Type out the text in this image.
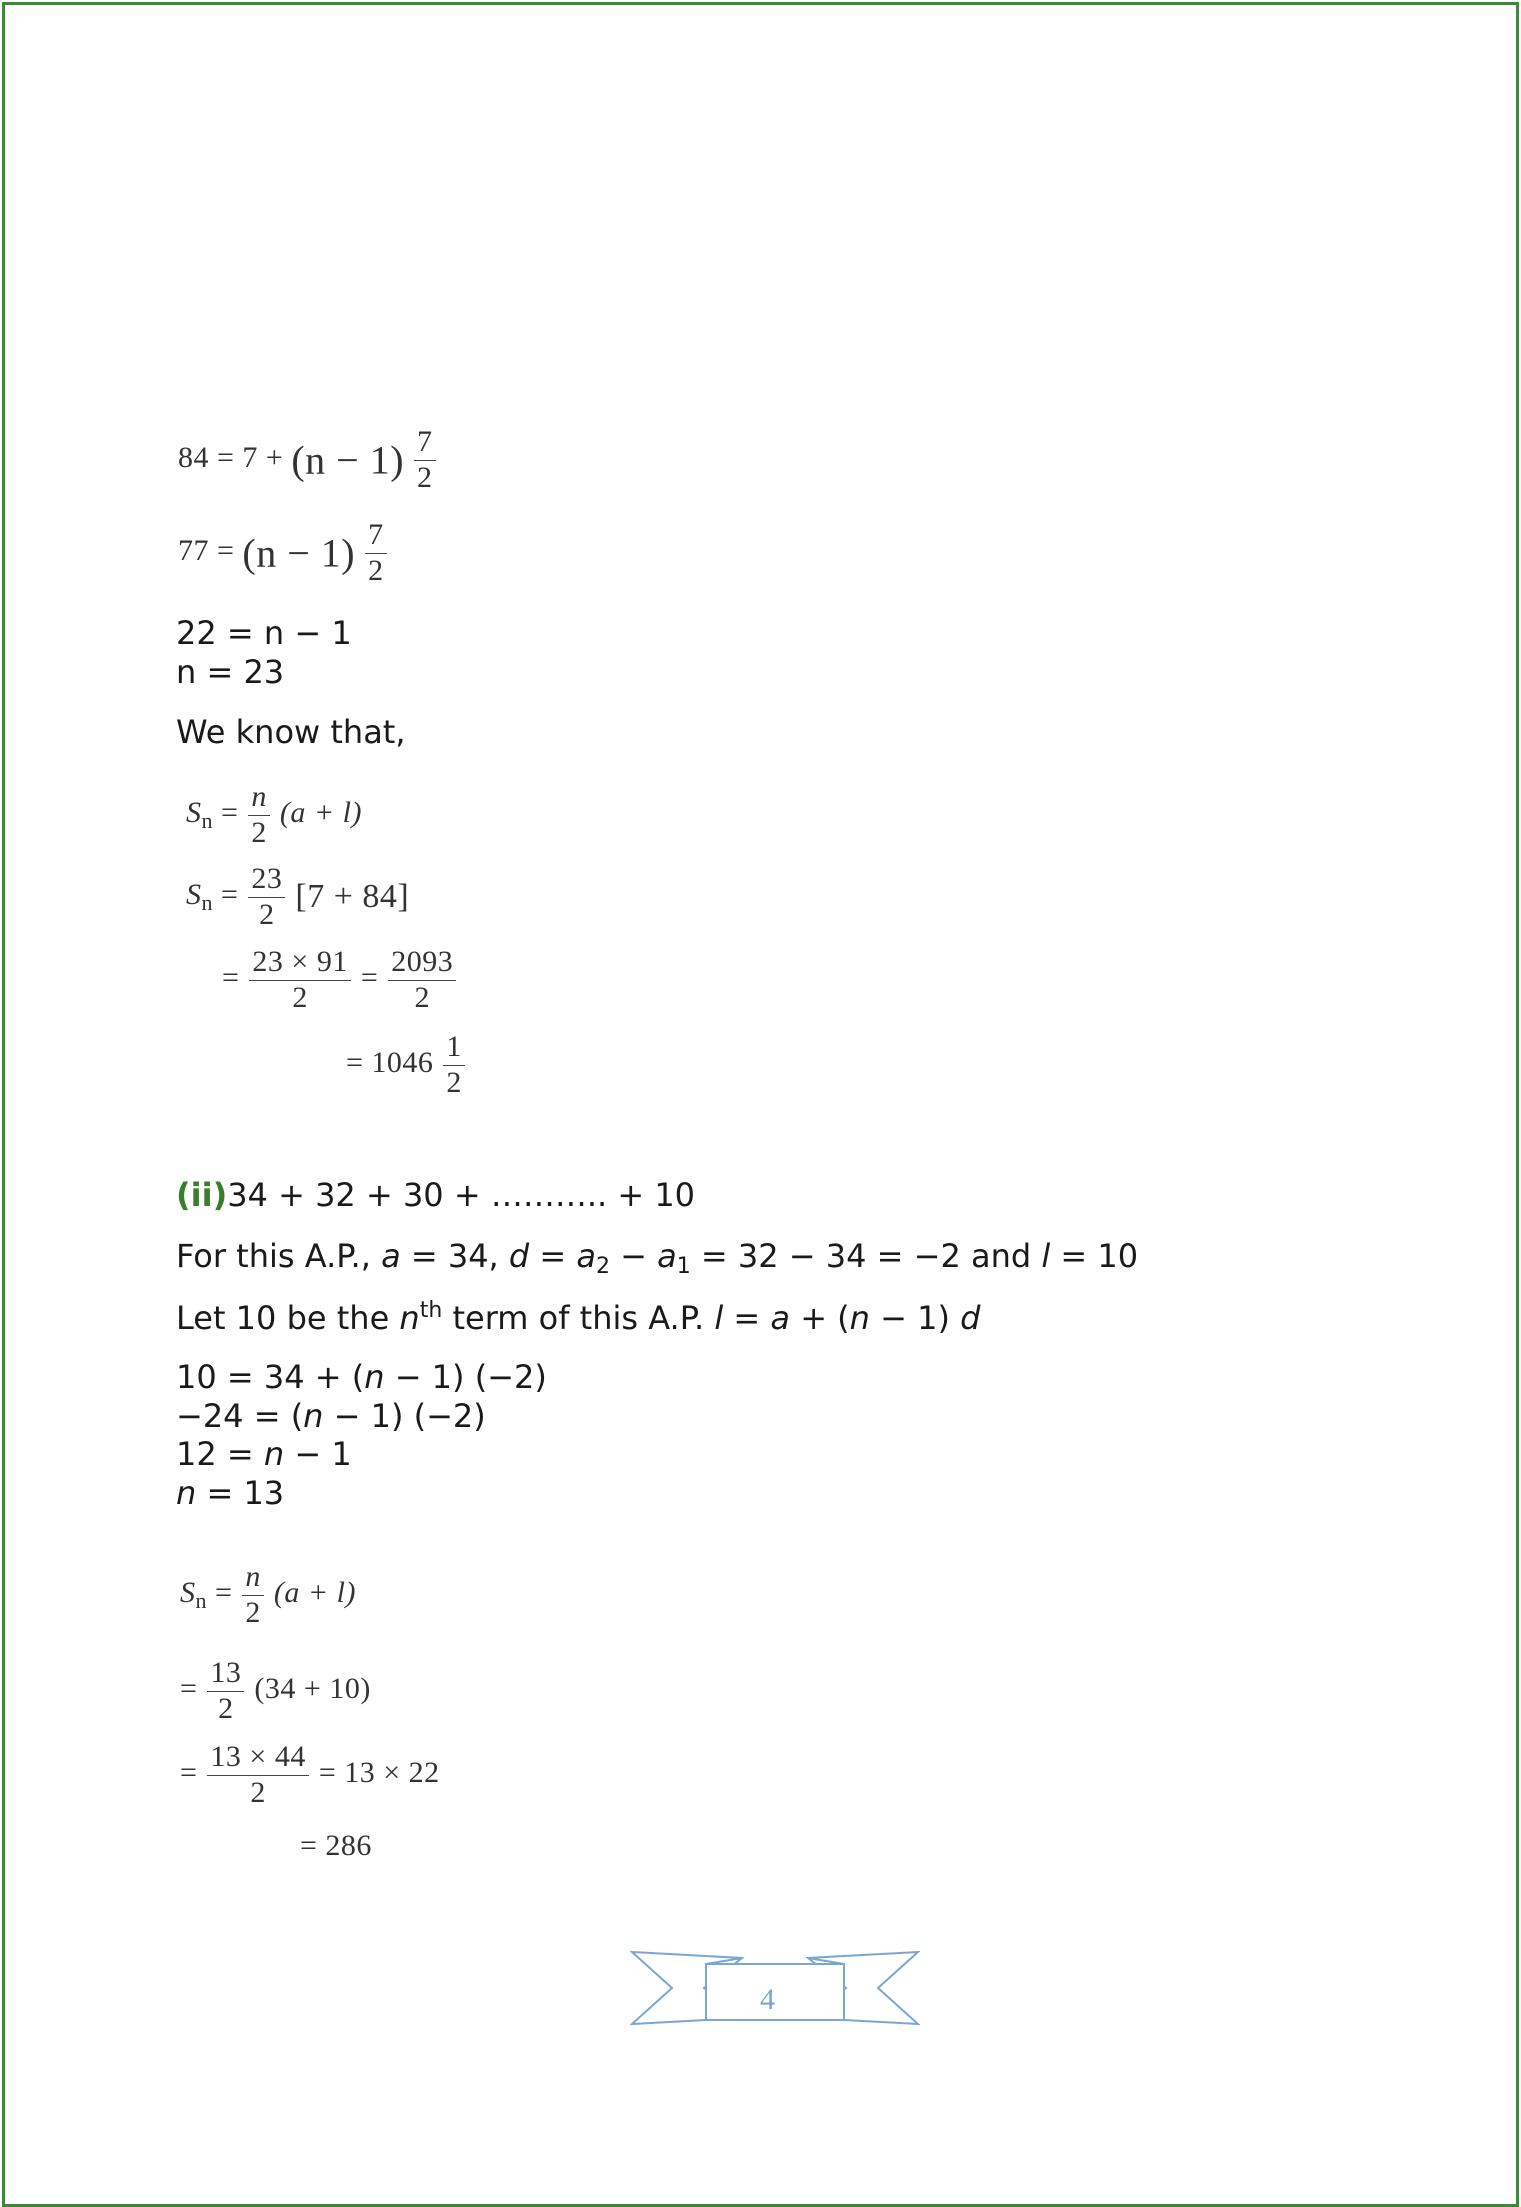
$84 = 7 + (n - 1) \frac{7}{2}$
$77 = (n - 1) \frac{7}{2}$
22 = n − 1
n = 23
We know that,
$S_n = \frac{n}{2} (a + l)$
$S_n = \frac{23}{2} [7 + 84]$
= $\frac{23 \times 91}{2} = \frac{2093}{2}$
= $1046 \frac{1}{2}$
(ii)34 + 32 + 30 + ……….. + 10
For this A.P., a = 34, $d = a_2 - a_1 = 32 - 34 = -2$ and l = 10
Let 10 be the $n^{th}$ term of this A.P. l = a + (n − 1) d
10 = 34 + (n − 1) (−2)
−24 = (n − 1) (−2)
12 = n − 1
n = 13
$S_n = \frac{n}{2} (a + l)$
= $\frac{13}{2} (34 + 10)$
= $\frac{13 \times 44}{2} = 13 \times 22$
= 286
4
